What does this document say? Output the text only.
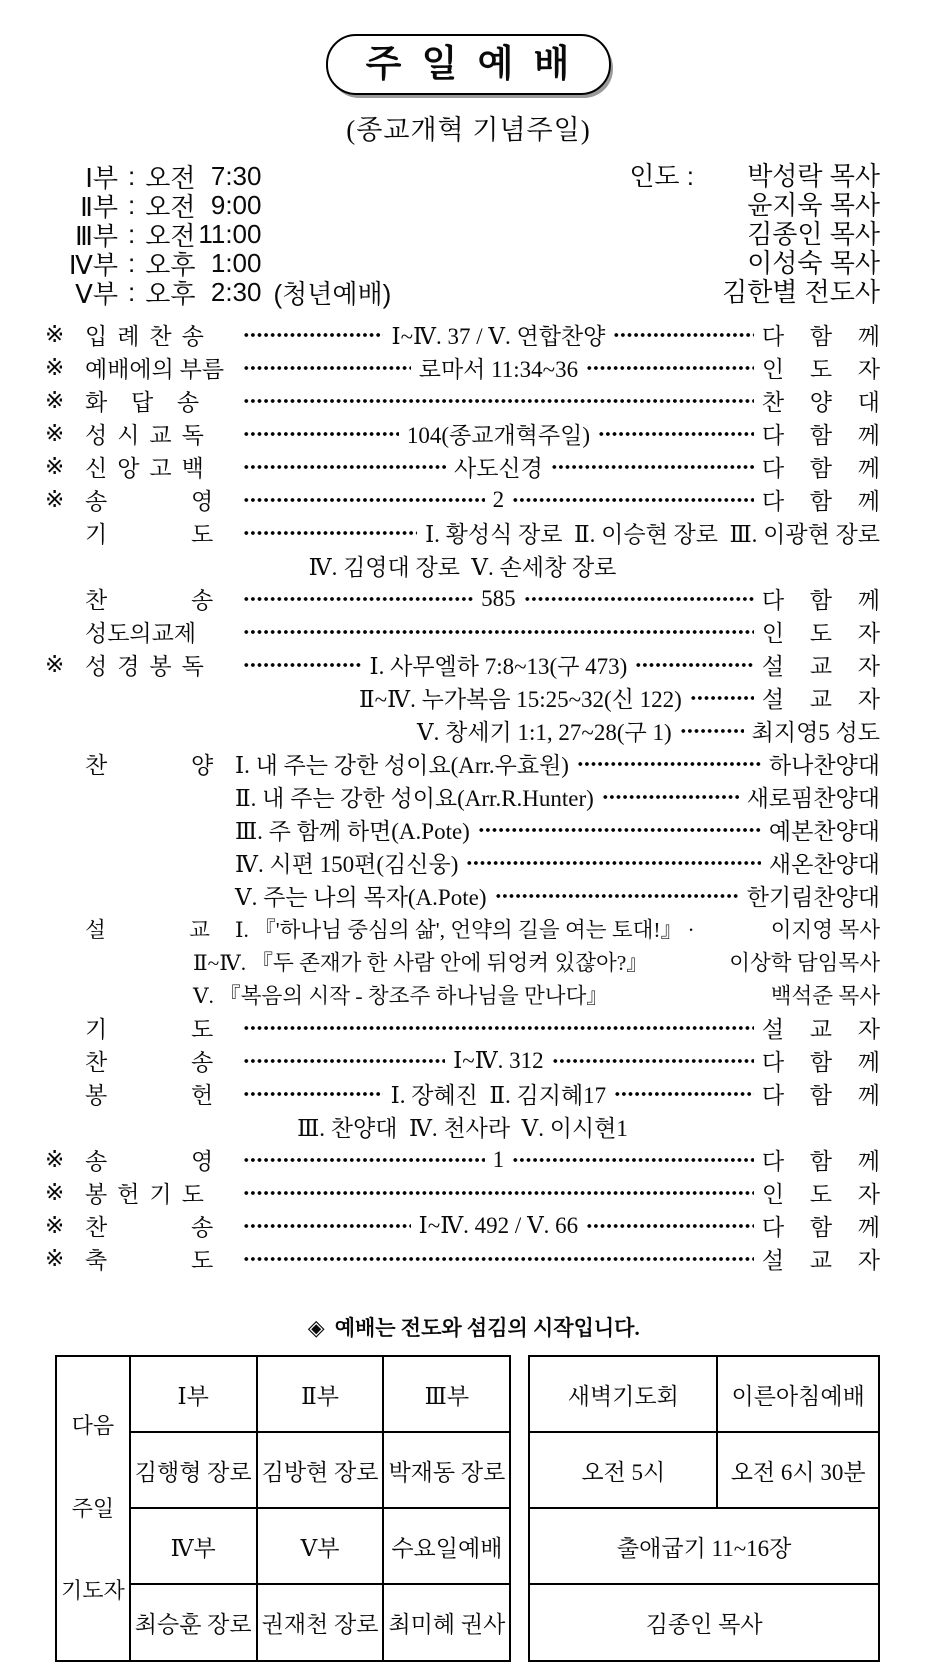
주 일 예 배
(종교개혁 기념주일)
Ⅰ부 : 오전 7:30
Ⅱ부 : 오전 9:00
Ⅲ부 : 오전 11:00
Ⅳ부 : 오후 1:00
Ⅴ부 : 오후 2:30 (청년예배)
인도 :	박성락 목사
윤지욱 목사
김종인 목사
이성숙 목사
김한별 전도사
※ 입례찬송	Ⅰ~Ⅳ. 37 / Ⅴ. 연합찬양	다 함 께
※ 예배에의 부름	로마서 11:34~36	인 도 자
※ 화 답 송	찬 양 대
※ 성시교독	104(종교개혁주일)	다 함 께
※ 신앙고백	사도신경	다 함 께
※ 송 영	2	다 함 께
기 도	Ⅰ. 황성식 장로  Ⅱ. 이승현 장로  Ⅲ. 이광현 장로
Ⅳ. 김영대 장로  Ⅴ. 손세창 장로
찬 송	585	다 함 께
성도의교제	인 도 자
※ 성경봉독	Ⅰ. 사무엘하 7:8~13(구 473)	설 교 자
Ⅱ~Ⅳ. 누가복음 15:25~32(신 122)	설 교 자
Ⅴ. 창세기 1:1, 27~28(구 1)	최지영5 성도
찬 양 Ⅰ. 내 주는 강한 성이요(Arr.우효원)	하나찬양대
Ⅱ. 내 주는 강한 성이요(Arr.R.Hunter)	새로핌찬양대
Ⅲ. 주 함께 하면(A.Pote)	예본찬양대
Ⅳ. 시편 150편(김신웅)	새온찬양대
Ⅴ. 주는 나의 목자(A.Pote)	한기림찬양대
설 교	Ⅰ. 『'하나님 중심의 삶', 언약의 길을 여는 토대!』 ·	이지영 목사
Ⅱ~Ⅳ. 『두 존재가 한 사람 안에 뒤엉켜 있잖아?』	이상학 담임목사
Ⅴ. 『복음의 시작 - 창조주 하나님을 만나다』	백석준 목사
기 도	설 교 자
찬 송	Ⅰ~Ⅳ. 312	다 함 께
봉 헌	Ⅰ. 장혜진  Ⅱ. 김지혜17	다 함 께
Ⅲ. 찬양대  Ⅳ. 천사라  Ⅴ. 이시현1
※ 송 영	1	다 함 께
※ 봉헌기도	인 도 자
※ 찬 송	Ⅰ~Ⅳ. 492 / Ⅴ. 66	다 함 께
※ 축 도	설 교 자

◈ 예배는 전도와 섬김의 시작입니다.

다음

주일

기도자	Ⅰ부	Ⅱ부	Ⅲ부
	김행형 장로	김방현 장로	박재동 장로
	Ⅳ부	Ⅴ부	수요일예배
	최승훈 장로	권재천 장로	최미혜 권사
새벽기도회	이른아침예배
오전 5시	오전 6시 30분
출애굽기 11~16장	
김종인 목사	
